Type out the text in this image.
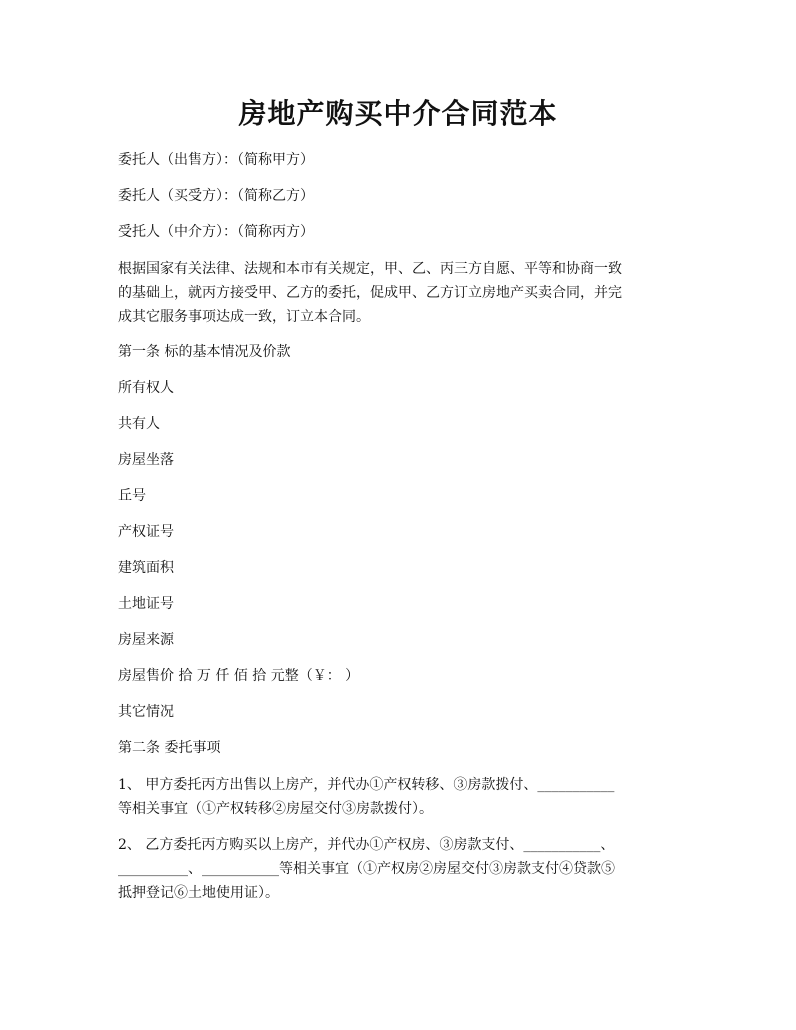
房地产购买中介合同范本
委托人（出售方）：（简称甲方）
委托人（买受方）：（简称乙方）
受托人（中介方）：（简称丙方）
根据国家有关法律、法规和本市有关规定，甲、乙、丙三方自愿、平等和协商一致
的基础上，就丙方接受甲、乙方的委托，促成甲、乙方订立房地产买卖合同，并完
成其它服务事项达成一致，订立本合同。
第一条 标的基本情况及价款
所有权人
共有人
房屋坐落
丘号
产权证号
建筑面积
土地证号
房屋来源
房屋售价 拾 万 仟 佰 拾 元整（￥： ）
其它情况
第二条 委托事项
1、 甲方委托丙方出售以上房产，并代办①产权转移、③房款拨付、___________
等相关事宜（①产权转移②房屋交付③房款拨付）。
2、 乙方委托丙方购买以上房产，并代办①产权房、③房款支付、___________、
__________、___________等相关事宜（①产权房②房屋交付③房款支付④贷款⑤
抵押登记⑥土地使用证）。
